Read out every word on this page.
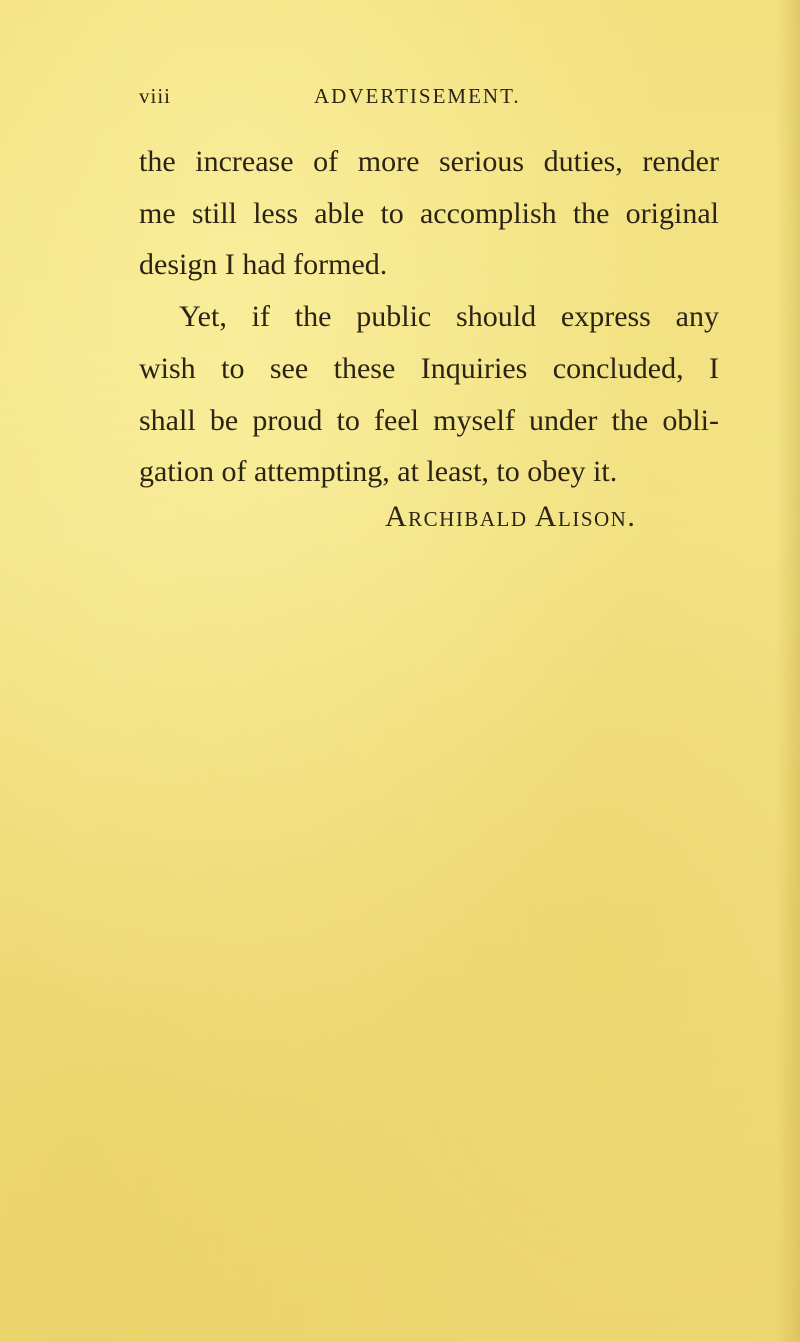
viii	ADVERTISEMENT.
the increase of more serious duties, render
me still less able to accomplish the original
design I had formed.
Yet, if the public should express any
wish to see these Inquiries concluded, I
shall be proud to feel myself under the obli-
gation of attempting, at least, to obey it.
Archibald Alison.
